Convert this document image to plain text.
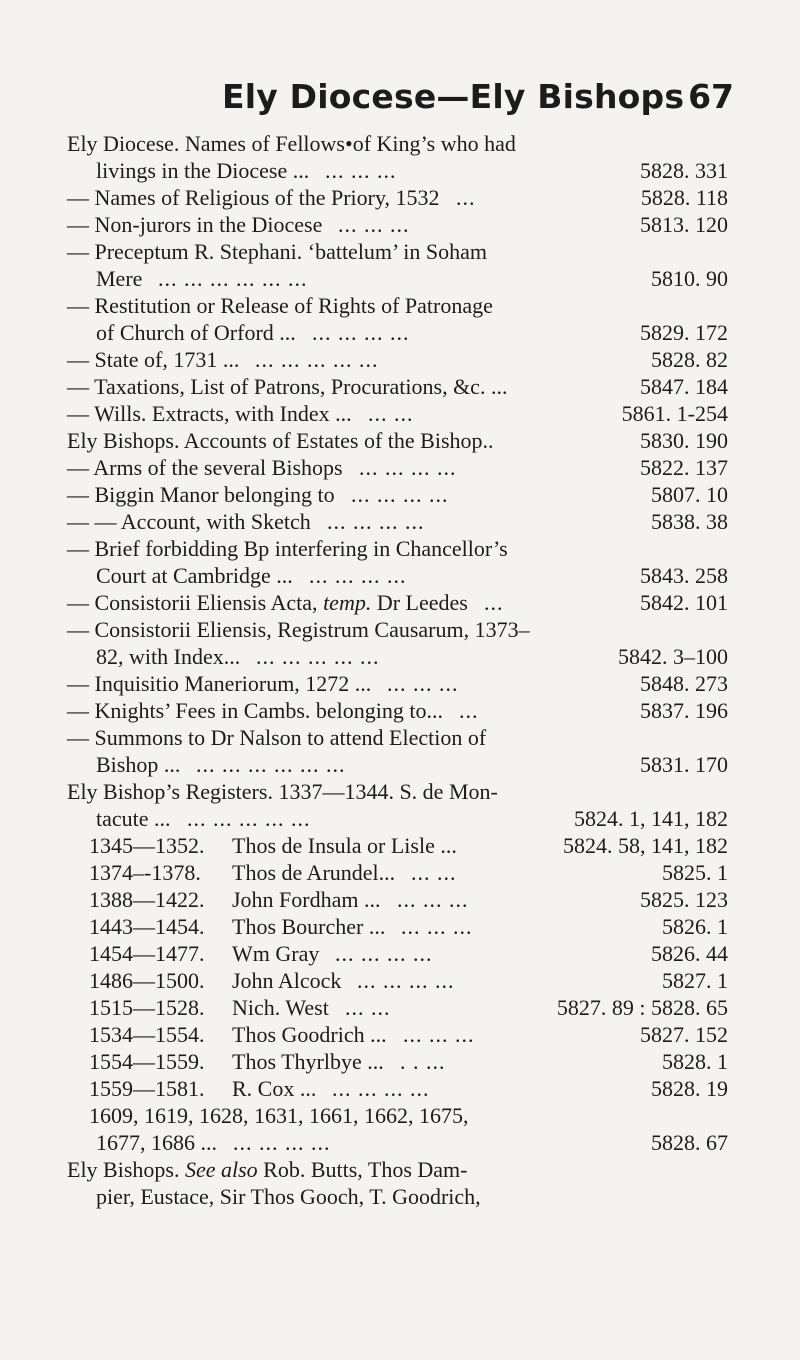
Ely Diocese—Ely Bishops 67
Ely Diocese. Names of Fellows•of King’s who had
livings in the Diocese ... ... ... ...	5828. 331
— Names of Religious of the Priory, 1532 ...	5828. 118
— Non-jurors in the Diocese ... ... ...	5813. 120
— Preceptum R. Stephani. ‘battelum’ in Soham
Mere ... ... ... ... ... ...	5810. 90
— Restitution or Release of Rights of Patronage
of Church of Orford ... ... ... ... ...	5829. 172
— State of, 1731 ... ... ... ... ... ...	5828. 82
— Taxations, List of Patrons, Procurations, &c. ...	5847. 184
— Wills. Extracts, with Index ... ... ...	5861. 1-254
Ely Bishops. Accounts of Estates of the Bishop..	5830. 190
— Arms of the several Bishops ... ... ... ...	5822. 137
— Biggin Manor belonging to ... ... ... ...	5807. 10
— — Account, with Sketch ... ... ... ...	5838. 38
— Brief forbidding Bp interfering in Chancellor’s
Court at Cambridge ... ... ... ... ...	5843. 258
— Consistorii Eliensis Acta, temp. Dr Leedes ...	5842. 101
— Consistorii Eliensis, Registrum Causarum, 1373–
82, with Index... ... ... ... ... ...	5842. 3–100
— Inquisitio Maneriorum, 1272 ... ... ... ...	5848. 273
— Knights’ Fees in Cambs. belonging to... ...	5837. 196
— Summons to Dr Nalson to attend Election of
Bishop ... ... ... ... ... ... ...	5831. 170
Ely Bishop’s Registers. 1337—1344. S. de Mon-
tacute ... ... ... ... ... ...	5824. 1, 141, 182
1345—1352.	Thos de Insula or Lisle ...	5824. 58, 141, 182
1374–-1378.	Thos de Arundel... ... ...	5825. 1
1388—1422.	John Fordham ... ... ... ...	5825. 123
1443—1454.	Thos Bourcher ... ... ... ...	5826. 1
1454—1477.	Wm Gray ... ... ... ...	5826. 44
1486—1500.	John Alcock ... ... ... ...	5827. 1
1515—1528.	Nich. West ... ...	5827. 89 : 5828. 65
1534—1554.	Thos Goodrich ... ... ... ...	5827. 152
1554—1559.	Thos Thyrlbye ... . . ...	5828. 1
1559—1581.	R. Cox ... ... ... ... ...	5828. 19
1609, 1619, 1628, 1631, 1661, 1662, 1675,
1677, 1686 ... ... ... ... ...	5828. 67
Ely Bishops. See also Rob. Butts, Thos Dam-
pier, Eustace, Sir Thos Gooch, T. Goodrich,
